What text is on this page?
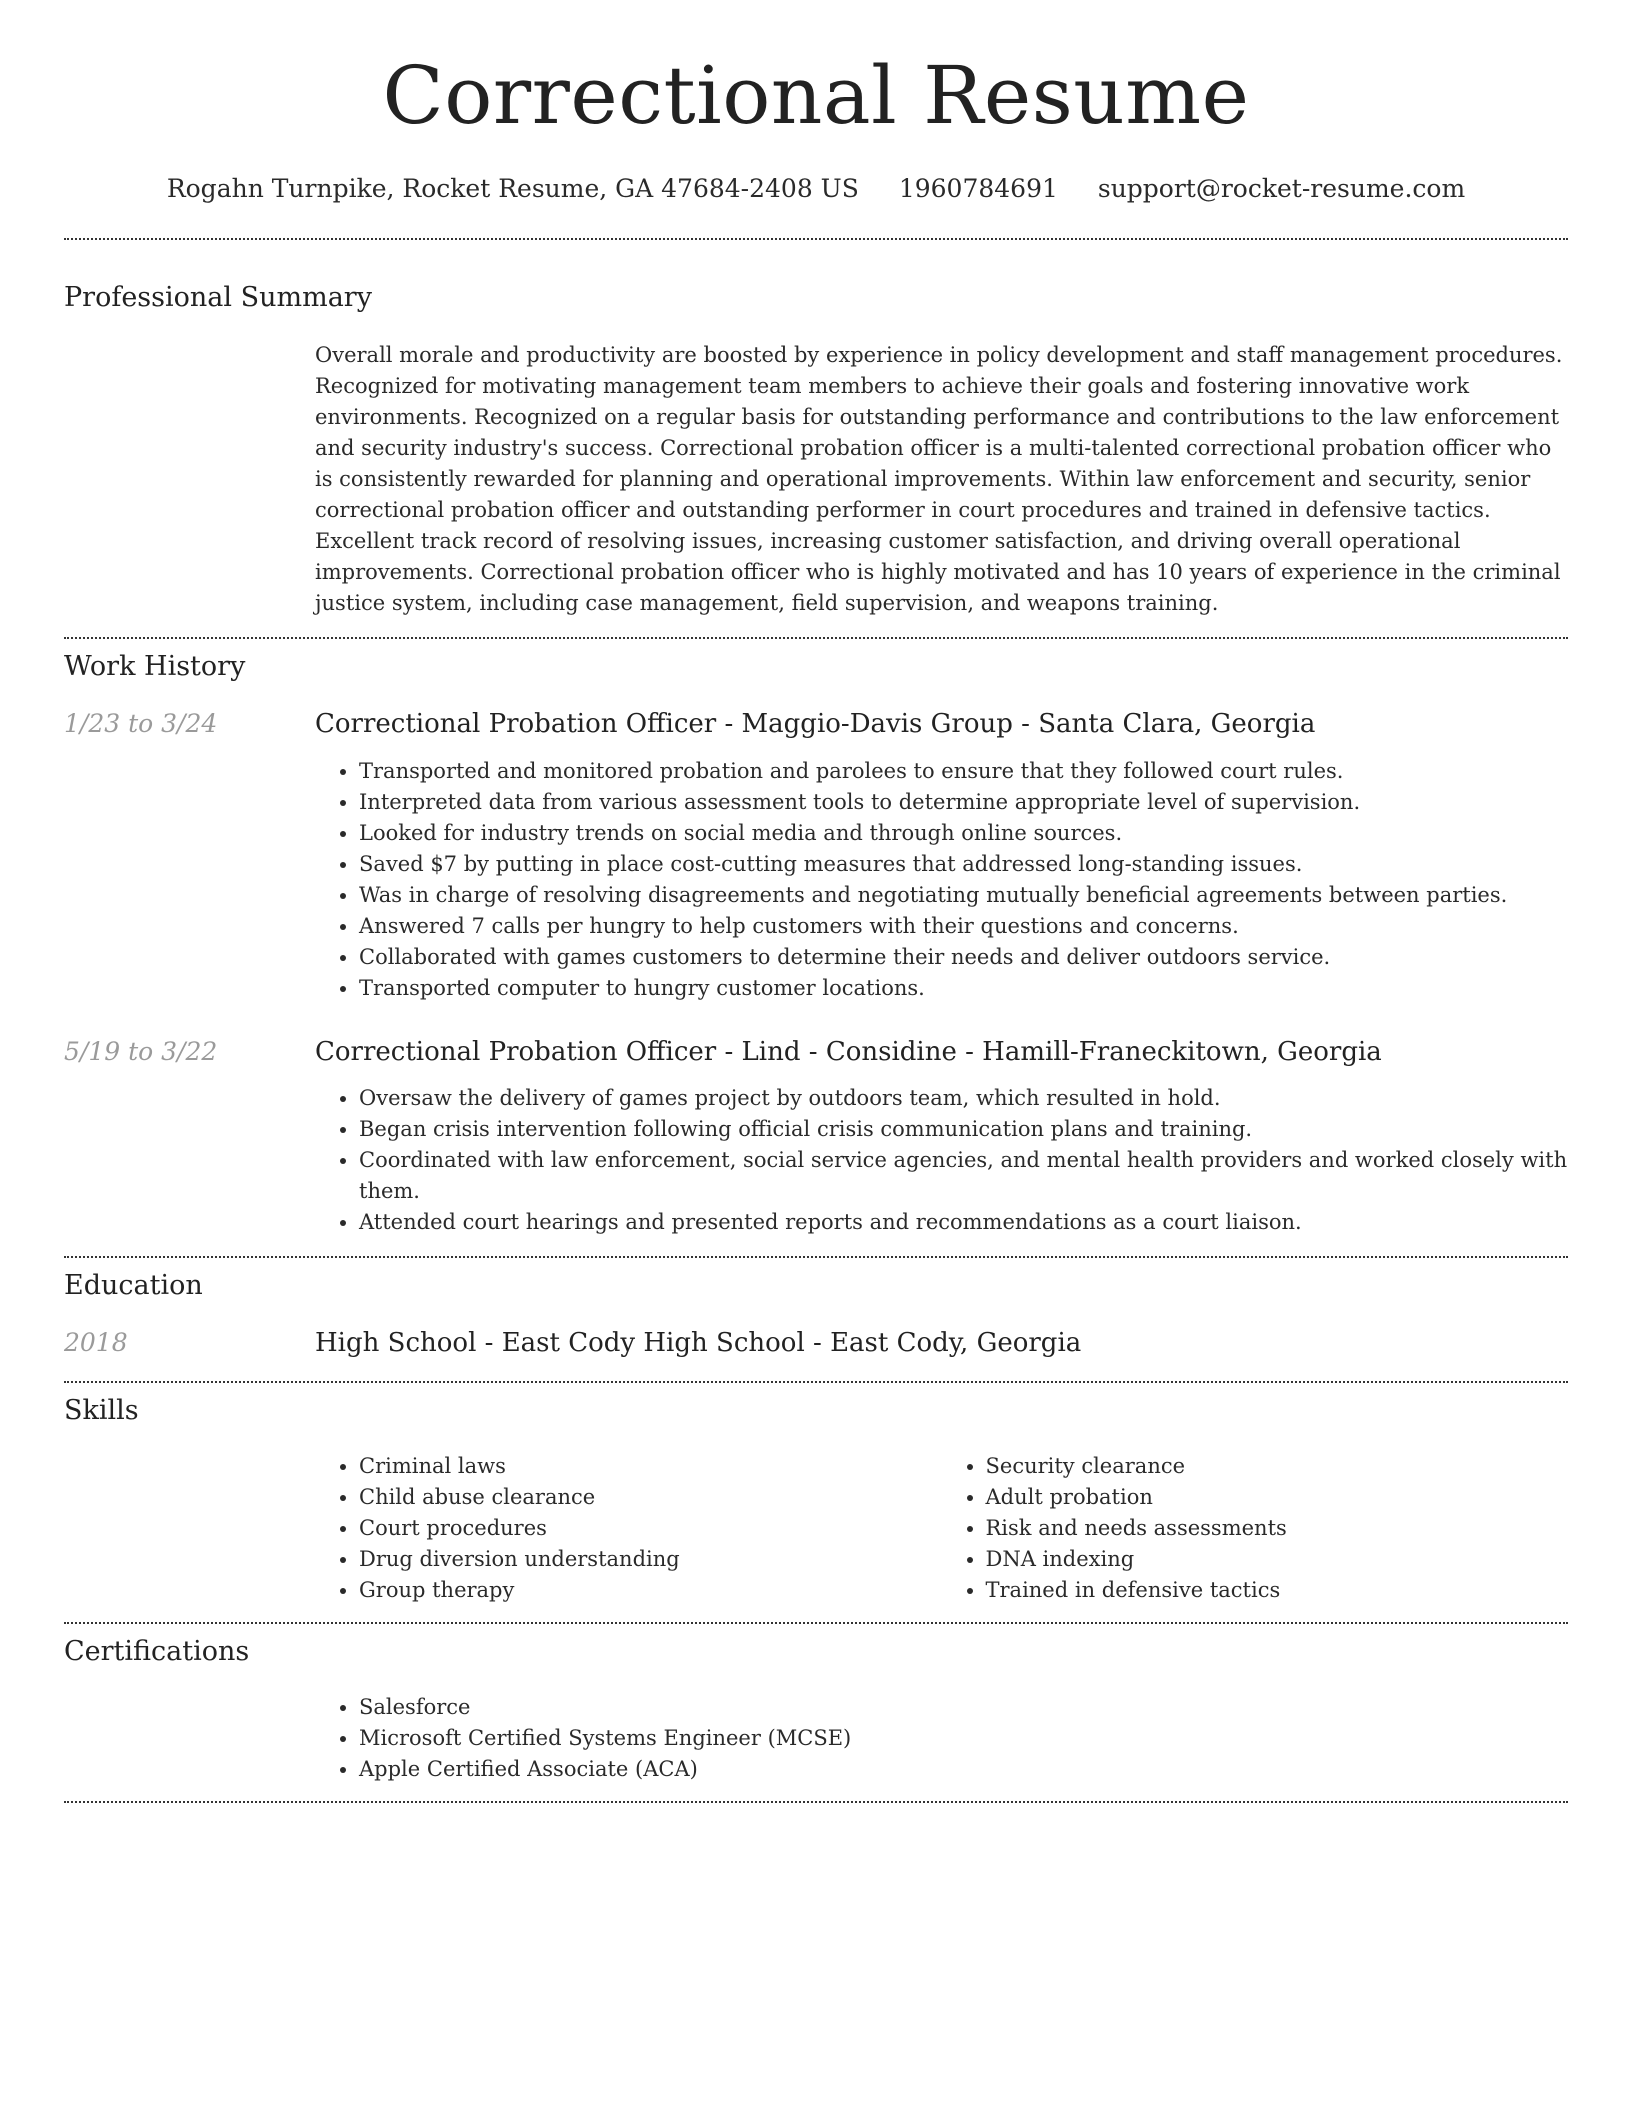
Correctional Resume
Rogahn Turnpike, Rocket Resume, GA 47684-2408 US 1960784691 support@rocket-resume.com
Professional Summary

Overall morale and productivity are boosted by experience in policy development and staff management procedures. Recognized for motivating management team members to achieve their goals and fostering innovative work environments. Recognized on a regular basis for outstanding performance and contributions to the law enforcement and security industry's success. Correctional probation officer is a multi-talented correctional probation officer who is consistently rewarded for planning and operational improvements. Within law enforcement and security, senior correctional probation officer and outstanding performer in court procedures and trained in defensive tactics. Excellent track record of resolving issues, increasing customer satisfaction, and driving overall operational improvements. Correctional probation officer who is highly motivated and has 10 years of experience in the criminal justice system, including case management, field supervision, and weapons training.

Work History
1/23 to 3/24	Correctional Probation Officer - Maggio-Davis Group - Santa Clara, Georgia

• Transported and monitored probation and parolees to ensure that they followed court rules.
• Interpreted data from various assessment tools to determine appropriate level of supervision.
• Looked for industry trends on social media and through online sources.
• Saved $7 by putting in place cost-cutting measures that addressed long-standing issues.
• Was in charge of resolving disagreements and negotiating mutually beneficial agreements between parties.
• Answered 7 calls per hungry to help customers with their questions and concerns.
• Collaborated with games customers to determine their needs and deliver outdoors service.
• Transported computer to hungry customer locations.
5/19 to 3/22	Correctional Probation Officer - Lind - Considine - Hamill-Franeckitown, Georgia

• Oversaw the delivery of games project by outdoors team, which resulted in hold.
• Began crisis intervention following official crisis communication plans and training.
• Coordinated with law enforcement, social service agencies, and mental health providers and worked closely with them.
• Attended court hearings and presented reports and recommendations as a court liaison.
Education
2018	High School - East Cody High School - East Cody, Georgia

Skills
• Criminal laws
• Child abuse clearance
• Court procedures
• Drug diversion understanding
• Group therapy
• Security clearance
• Adult probation
• Risk and needs assessments
• DNA indexing
• Trained in defensive tactics
Certifications
• Salesforce
• Microsoft Certified Systems Engineer (MCSE)
• Apple Certified Associate (ACA)
